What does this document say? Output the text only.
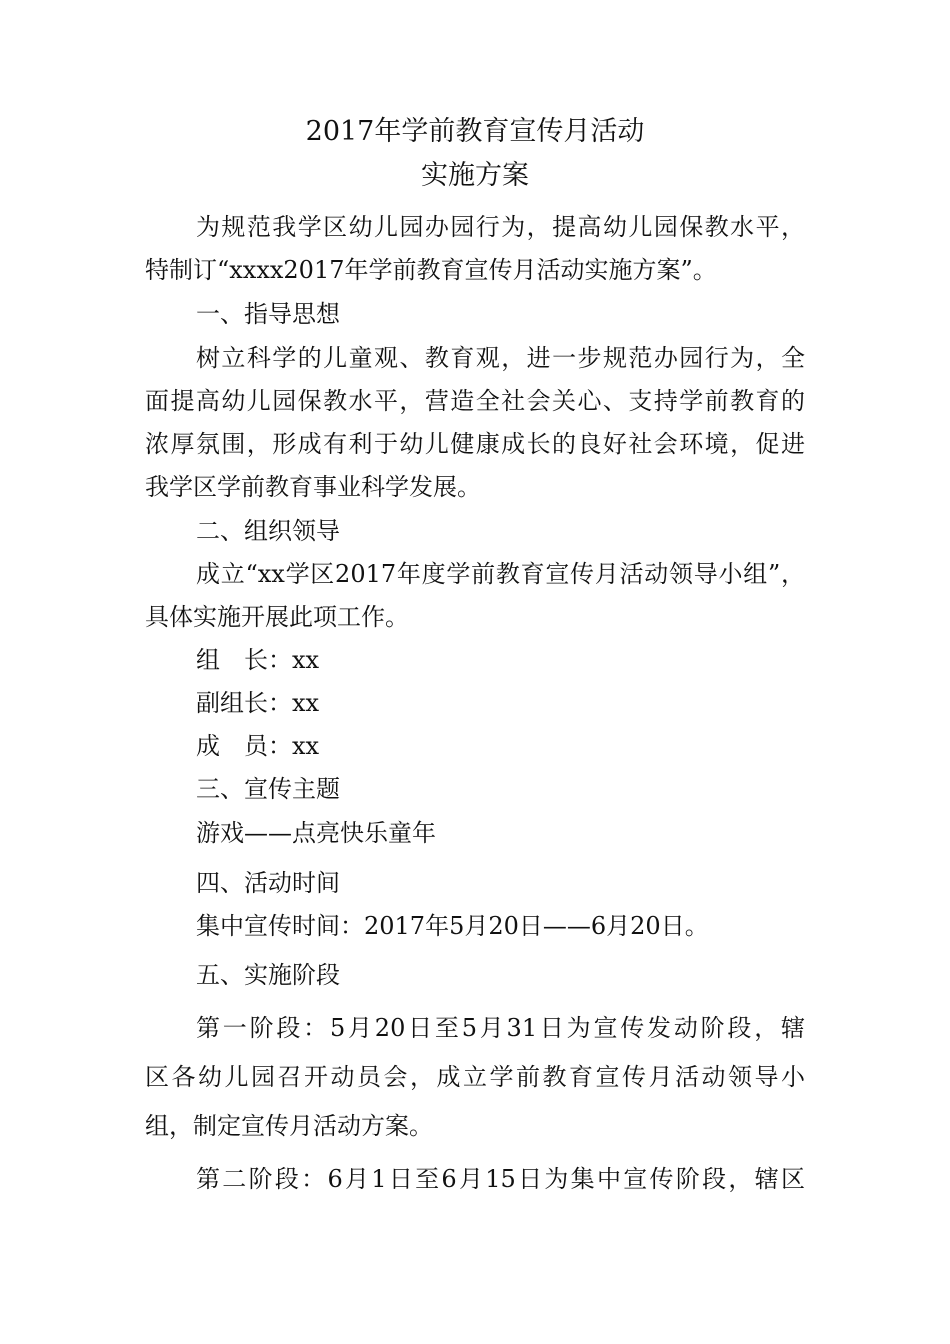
2017年学前教育宣传月活动
实施方案
为规范我学区幼儿园办园行为，提高幼儿园保教水平，
特制订“xxxx2017年学前教育宣传月活动实施方案”。
一、指导思想
树立科学的儿童观、教育观，进一步规范办园行为，全
面提高幼儿园保教水平，营造全社会关心、支持学前教育的
浓厚氛围，形成有利于幼儿健康成长的良好社会环境，促进
我学区学前教育事业科学发展。
二、组织领导
成立“xx学区2017年度学前教育宣传月活动领导小组”，
具体实施开展此项工作。
组　长：xx
副组长：xx
成　员：xx
三、宣传主题
游戏——点亮快乐童年
四、活动时间
集中宣传时间：2017年5月20日——6月20日。
五、实施阶段
第一阶段：5月20日至5月31日为宣传发动阶段，辖
区各幼儿园召开动员会，成立学前教育宣传月活动领导小
组，制定宣传月活动方案。
第二阶段：6月1日至6月15日为集中宣传阶段，辖区
